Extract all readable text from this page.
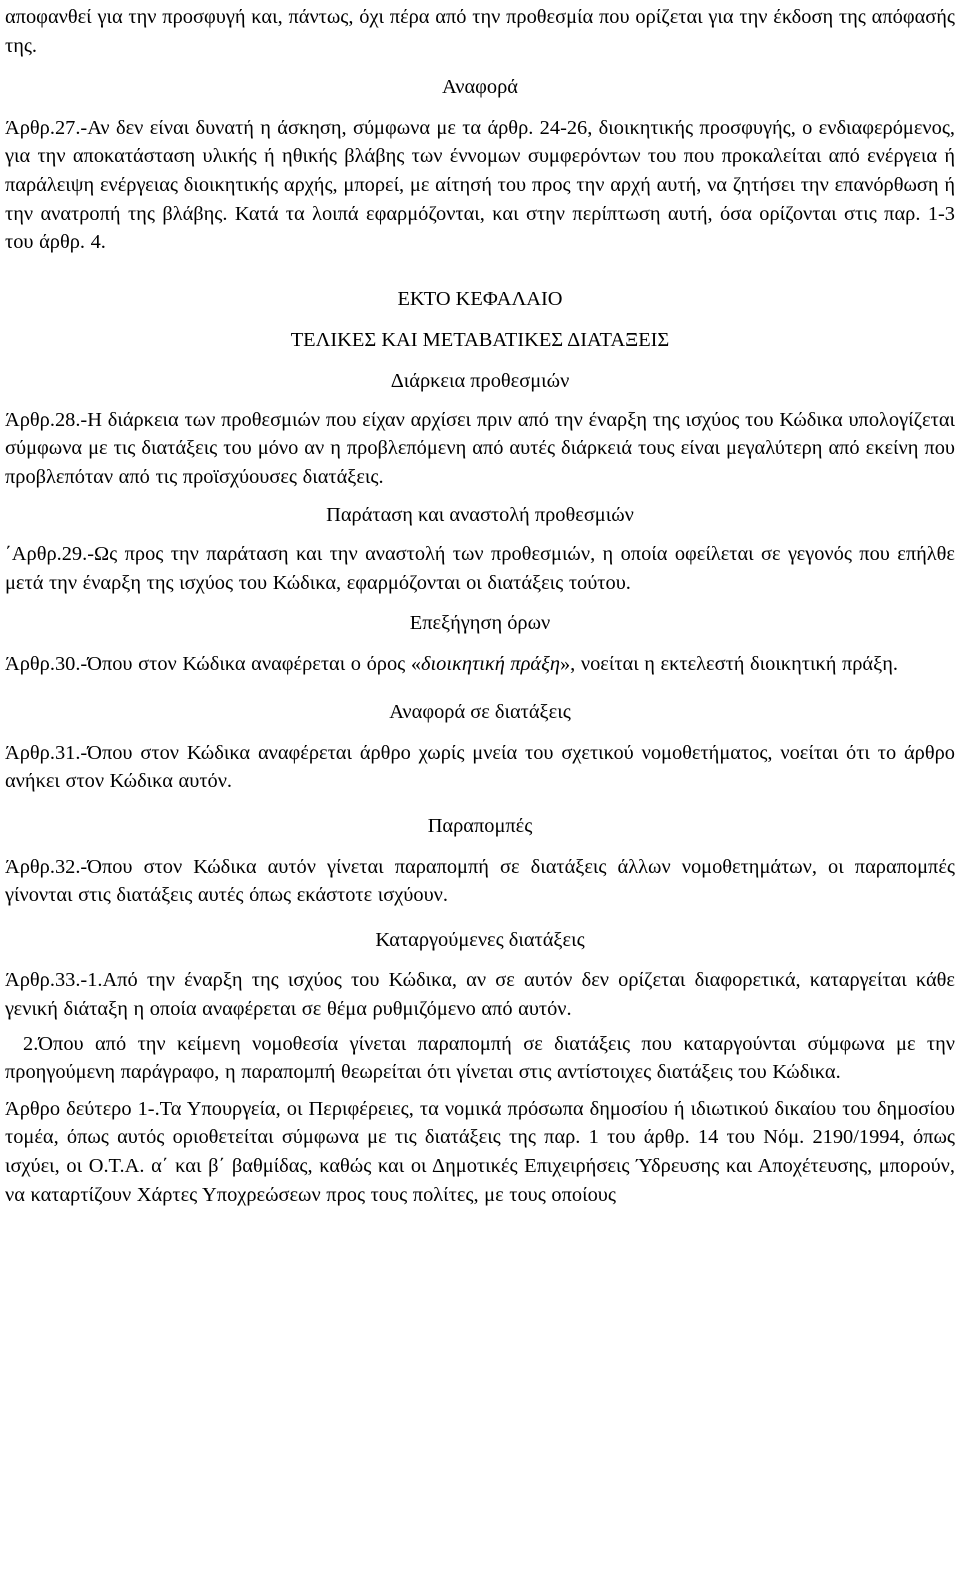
αποφανθεί για την προσφυγή και, πάντως, όχι πέρα από την προθεσμία που ορίζεται για την έκδοση της απόφασής της.

Αναφορά

Άρθρ.27.-Αν δεν είναι δυνατή η άσκηση, σύμφωνα με τα άρθρ. 24-26, διοικητικής προσφυγής, ο ενδιαφερόμενος, για την αποκατάσταση υλικής ή ηθικής βλάβης των έννομων συμφερόντων του που προκαλείται από ενέργεια ή παράλειψη ενέργειας διοικητικής αρχής, μπορεί, με αίτησή του προς την αρχή αυτή, να ζητήσει την επανόρθωση ή την ανατροπή της βλάβης. Κατά τα λοιπά εφαρμόζονται, και στην περίπτωση αυτή, όσα ορίζονται στις παρ. 1-3 του άρθρ. 4.

ΕΚΤΟ ΚΕΦΑΛΑΙΟ

ΤΕΛΙΚΕΣ ΚΑΙ ΜΕΤΑΒΑΤΙΚΕΣ ΔΙΑΤΑΞΕΙΣ

Διάρκεια προθεσμιών

Άρθρ.28.-Η διάρκεια των προθεσμιών που είχαν αρχίσει πριν από την έναρξη της ισχύος του Κώδικα υπολογίζεται σύμφωνα με τις διατάξεις του μόνο αν η προβλεπόμενη από αυτές διάρκειά τους είναι μεγαλύτερη από εκείνη που προβλεπόταν από τις προϊσχύουσες διατάξεις.

Παράταση και αναστολή προθεσμιών

΄Αρθρ.29.-Ως προς την παράταση και την αναστολή των προθεσμιών, η οποία οφείλεται σε γεγονός που επήλθε μετά την έναρξη της ισχύος του Κώδικα, εφαρμόζονται οι διατάξεις τούτου.

Επεξήγηση όρων

Άρθρ.30.-Όπου στον Κώδικα αναφέρεται ο όρος «διοικητική πράξη», νοείται η εκτελεστή διοικητική πράξη.

Αναφορά σε διατάξεις

Άρθρ.31.-Όπου στον Κώδικα αναφέρεται άρθρο χωρίς μνεία του σχετικού νομοθετήματος, νοείται ότι το άρθρο ανήκει στον Κώδικα αυτόν.

Παραπομπές

Άρθρ.32.-Όπου στον Κώδικα αυτόν γίνεται παραπομπή σε διατάξεις άλλων νομοθετημάτων, οι παραπομπές γίνονται στις διατάξεις αυτές όπως εκάστοτε ισχύουν.

Καταργούμενες διατάξεις

Άρθρ.33.-1.Από την έναρξη της ισχύος του Κώδικα, αν σε αυτόν δεν ορίζεται διαφορετικά, καταργείται κάθε γενική διάταξη η οποία αναφέρεται σε θέμα ρυθμιζόμενο από αυτόν.

2.Όπου από την κείμενη νομοθεσία γίνεται παραπομπή σε διατάξεις που καταργούνται σύμφωνα με την προηγούμενη παράγραφο, η παραπομπή θεωρείται ότι γίνεται στις αντίστοιχες διατάξεις του Κώδικα.

Άρθρο δεύτερο 1-.Τα Υπουργεία, οι Περιφέρειες, τα νομικά πρόσωπα δημοσίου ή ιδιωτικού δικαίου του δημοσίου τομέα, όπως αυτός οριοθετείται σύμφωνα με τις διατάξεις της παρ. 1 του άρθρ. 14 του Νόμ. 2190/1994, όπως ισχύει, οι Ο.Τ.Α. α΄ και β΄ βαθμίδας, καθώς και οι Δημοτικές Επιχειρήσεις Ύδρευσης και Αποχέτευσης, μπορούν, να καταρτίζουν Χάρτες Υποχρεώσεων προς τους πολίτες, με τους οποίους
